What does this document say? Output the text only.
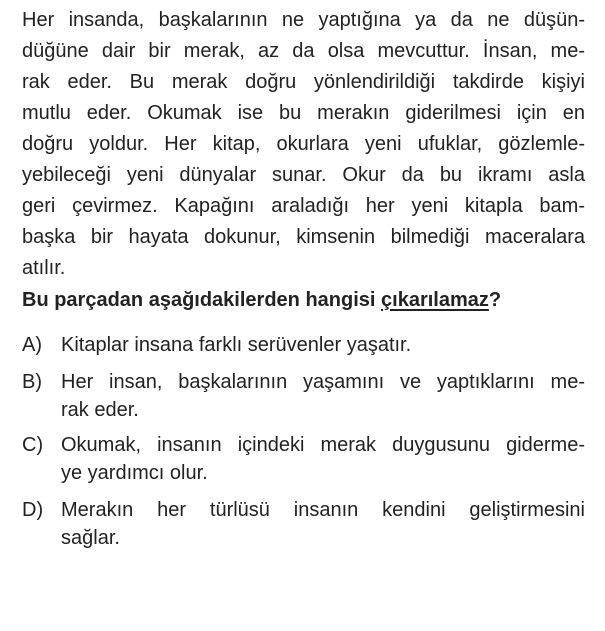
Her insanda, başkalarının ne yaptığına ya da ne düşün-
düğüne dair bir merak, az da olsa mevcuttur. İnsan, me-
rak eder. Bu merak doğru yönlendirildiği takdirde kişiyi
mutlu eder. Okumak ise bu merakın giderilmesi için en
doğru yoldur. Her kitap, okurlara yeni ufuklar, gözlemle-
yebileceği yeni dünyalar sunar. Okur da bu ikramı asla
geri çevirmez. Kapağını araladığı her yeni kitapla bam-
başka bir hayata dokunur, kimsenin bilmediği maceralara
atılır.
Bu parçadan aşağıdakilerden hangisi çıkarılamaz?
A) Kitaplar insana farklı serüvenler yaşatır.
B) Her insan, başkalarının yaşamını ve yaptıklarını me-
rak eder.
C) Okumak, insanın içindeki merak duygusunu giderme-
ye yardımcı olur.
D) Merakın her türlüsü insanın kendini geliştirmesini
sağlar.
